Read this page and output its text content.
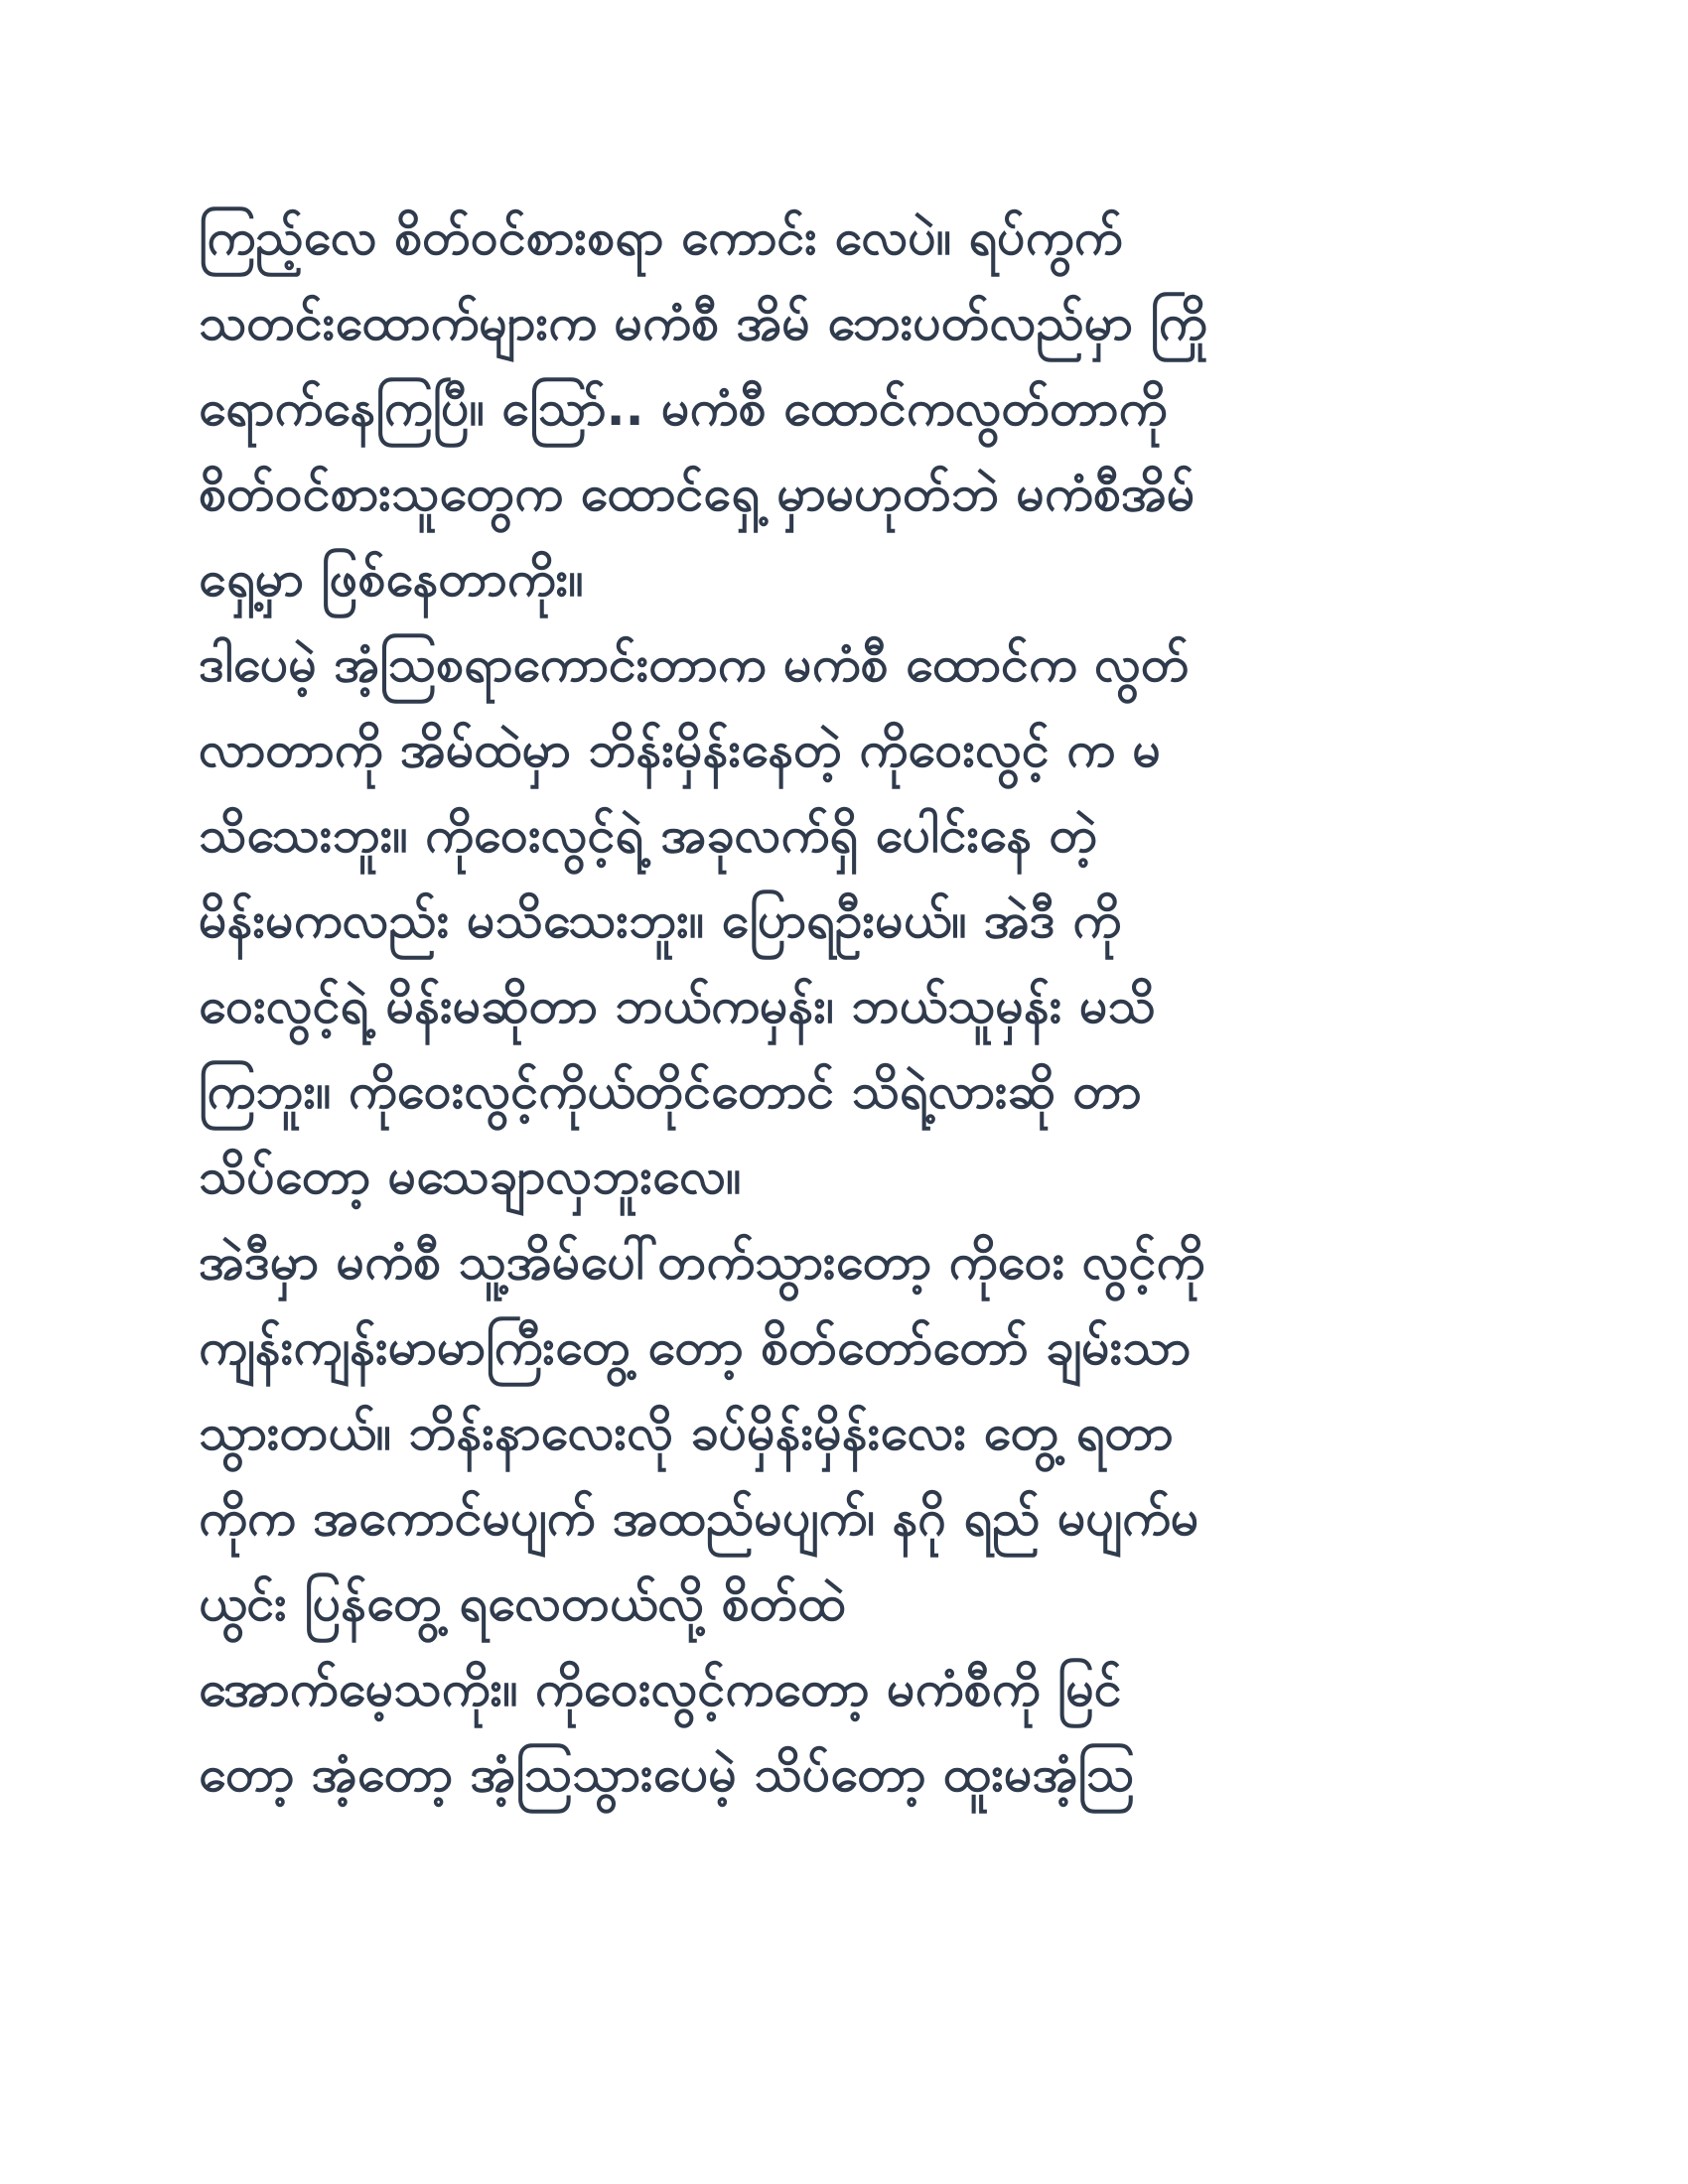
ကြည့်လေ စိတ်ဝင်စားစရာ ကောင်း လေပဲ။ ရပ်ကွက်
သတင်းထောက်များက မကံစီ အိမ် ဘေးပတ်လည်မှာ ကြို
ရောက်နေကြပြီ။ သြော်.. မကံစီ ထောင်ကလွတ်တာကို
စိတ်ဝင်စားသူတွေက ထောင်ရှေ့ မှာမဟုတ်ဘဲ မကံစီအိမ်
ရှေ့မှာ ဖြစ်နေတာကိုး။
ဒါပေမဲ့ အံ့သြစရာကောင်းတာက မကံစီ ထောင်က လွတ်
လာတာကို အိမ်ထဲမှာ ဘိန်းမှိန်းနေတဲ့ ကိုဝေးလွင့် က မ
သိသေးဘူး။ ကိုဝေးလွင့်ရဲ့ အခုလက်ရှိ ပေါင်းနေ တဲ့
မိန်းမကလည်း မသိသေးဘူး။ ပြောရဦးမယ်။ အဲဒီ ကို
ဝေးလွင့်ရဲ့ မိန်းမဆိုတာ ဘယ်ကမှန်း၊ ဘယ်သူမှန်း မသိ
ကြဘူး။ ကိုဝေးလွင့်ကိုယ်တိုင်တောင် သိရဲ့လားဆို တာ
သိပ်တော့ မသေချာလှဘူးလေ။
အဲဒီမှာ မကံစီ သူ့အိမ်ပေါ်တက်သွားတော့ ကိုဝေး လွင့်ကို
ကျန်းကျန်းမာမာကြီးတွေ့ တော့ စိတ်တော်တော် ချမ်းသာ
သွားတယ်။ ဘိန်းနာလေးလို ခပ်မှိန်းမှိန်းလေး တွေ့ ရတာ
ကိုက အကောင်မပျက် အထည်မပျက်၊ နဂို ရည် မပျက်မ
ယွင်း ပြန်တွေ့ ရလေတယ်လို့ စိတ်ထဲ
အောက်မေ့သကိုး။ ကိုဝေးလွင့်ကတော့ မကံစီကို မြင်
တော့ အံ့တော့ အံ့သြသွားပေမဲ့ သိပ်တော့ ထူးမအံ့သြ
